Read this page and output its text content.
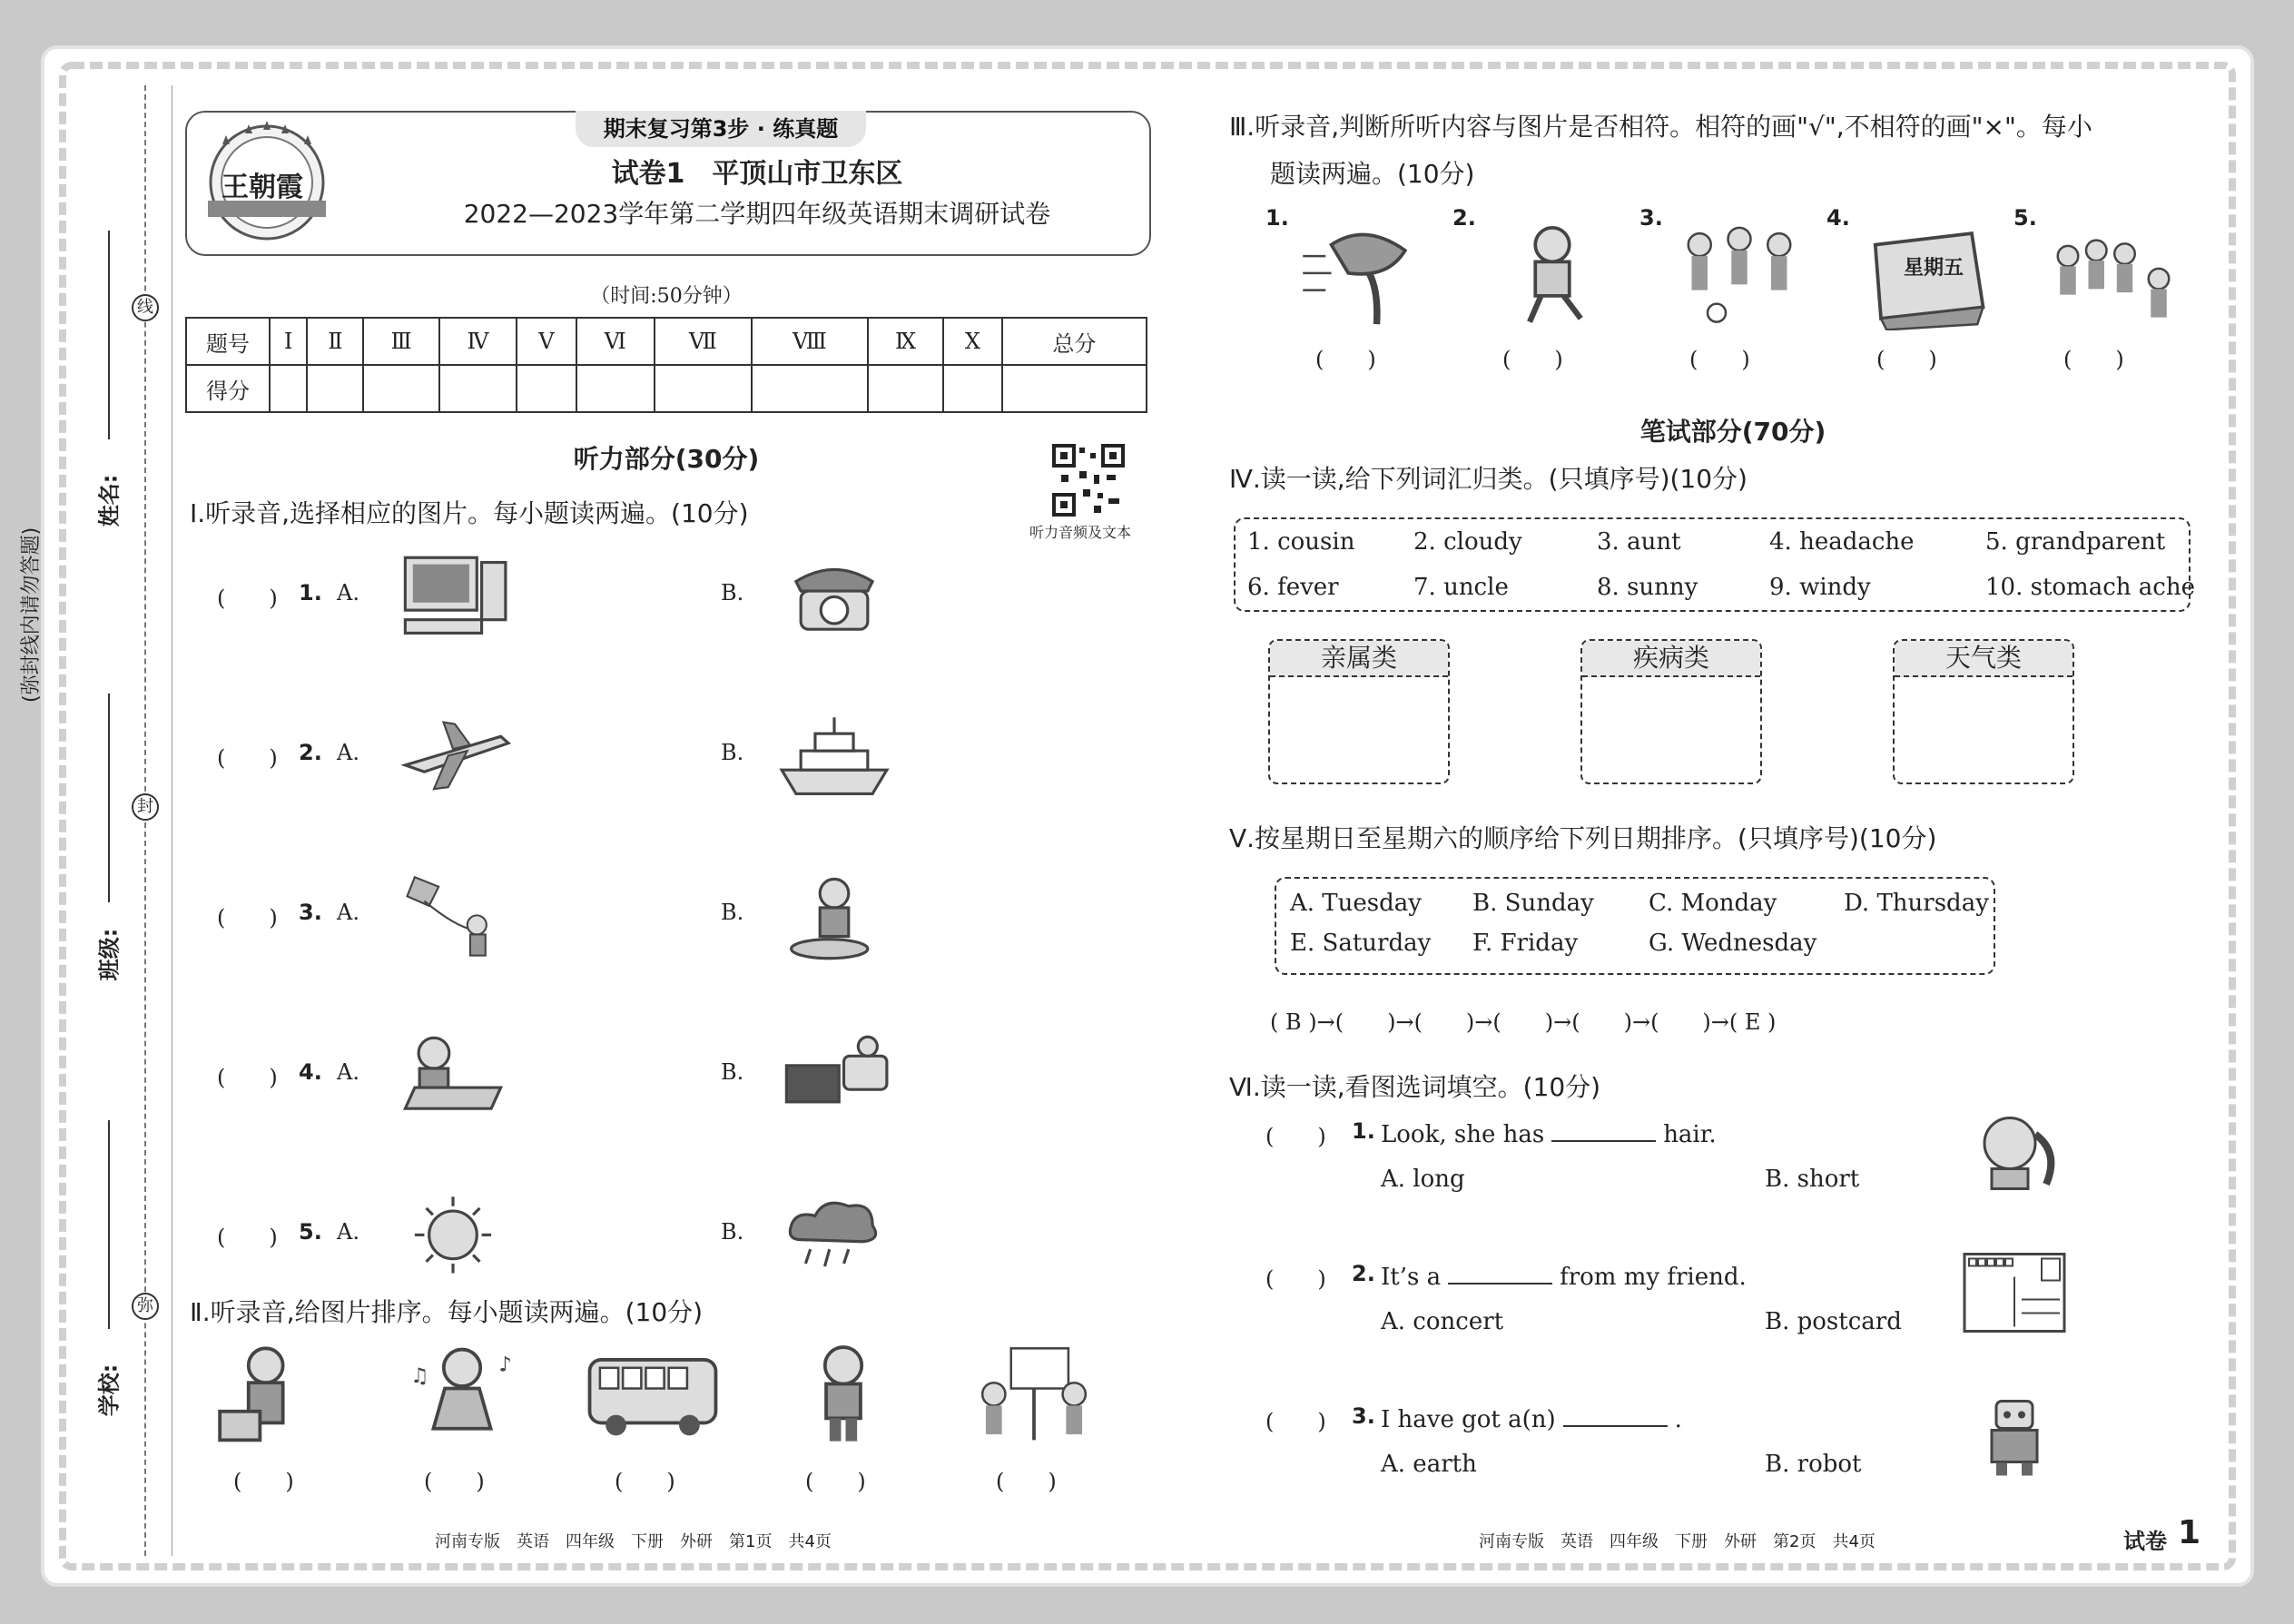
线
封
弥
(弥封线内请勿答题)
姓名:
班级:
学校:
期末复习第3步 · 练真题
王朝霞	试卷1　平顶山市卫东区
2022—2023学年第二学期四年级英语期末调研试卷
（时间:50分钟）
题号	Ⅰ	Ⅱ	Ⅲ	Ⅳ	Ⅴ	Ⅵ	Ⅶ	Ⅷ	Ⅸ	Ⅹ	总分
得分											
听力部分(30分)
听力音频及文本
Ⅰ.听录音,选择相应的图片。每小题读两遍。(10分)
(　　) 1. A.	B.
(　　) 2. A.	B.
(　　) 3. A.	B.
(　　) 4. A.	B.
(　　) 5. A.	B.
Ⅱ.听录音,给图片排序。每小题读两遍。(10分)
(　　)
♪
♫
(　　)	(　　)	(　　)	(　　)
河南专版　英语　四年级　下册　外研　第1页　共4页
Ⅲ.听录音,判断所听内容与图片是否相符。相符的画"√",不相符的画"×"。每小
题读两遍。(10分)
1.
(　　)
2.
(　　)
3.
(　　)
4.
星期五
(　　)
5.
(　　)
笔试部分(70分)
Ⅳ.读一读,给下列词汇归类。(只填序号)(10分)
1. cousin 2. cloudy	3. aunt	4. headache	5. grandparent
6. fever	7. uncle	8. sunny	9. windy	10. stomach ache
亲属类	疾病类	天气类
Ⅴ.按星期日至星期六的顺序给下列日期排序。(只填序号)(10分)
A. Tuesday B. Sunday C. Monday	D. Thursday
E. Saturday F. Friday	G. Wednesday
( B )→(　　)→(　　)→(　　)→(　　)→(　　)→( E )
Ⅵ.读一读,看图选词填空。(10分)
(　　) 1. Look, she has	hair.
A. long	B. short
(　　) 2. It’s a	from my friend.
A. concert	B. postcard
(　　) 3. I have got a(n)	.
A. earth	B. robot
河南专版　英语　四年级　下册　外研　第2页　共4页	试卷 1
